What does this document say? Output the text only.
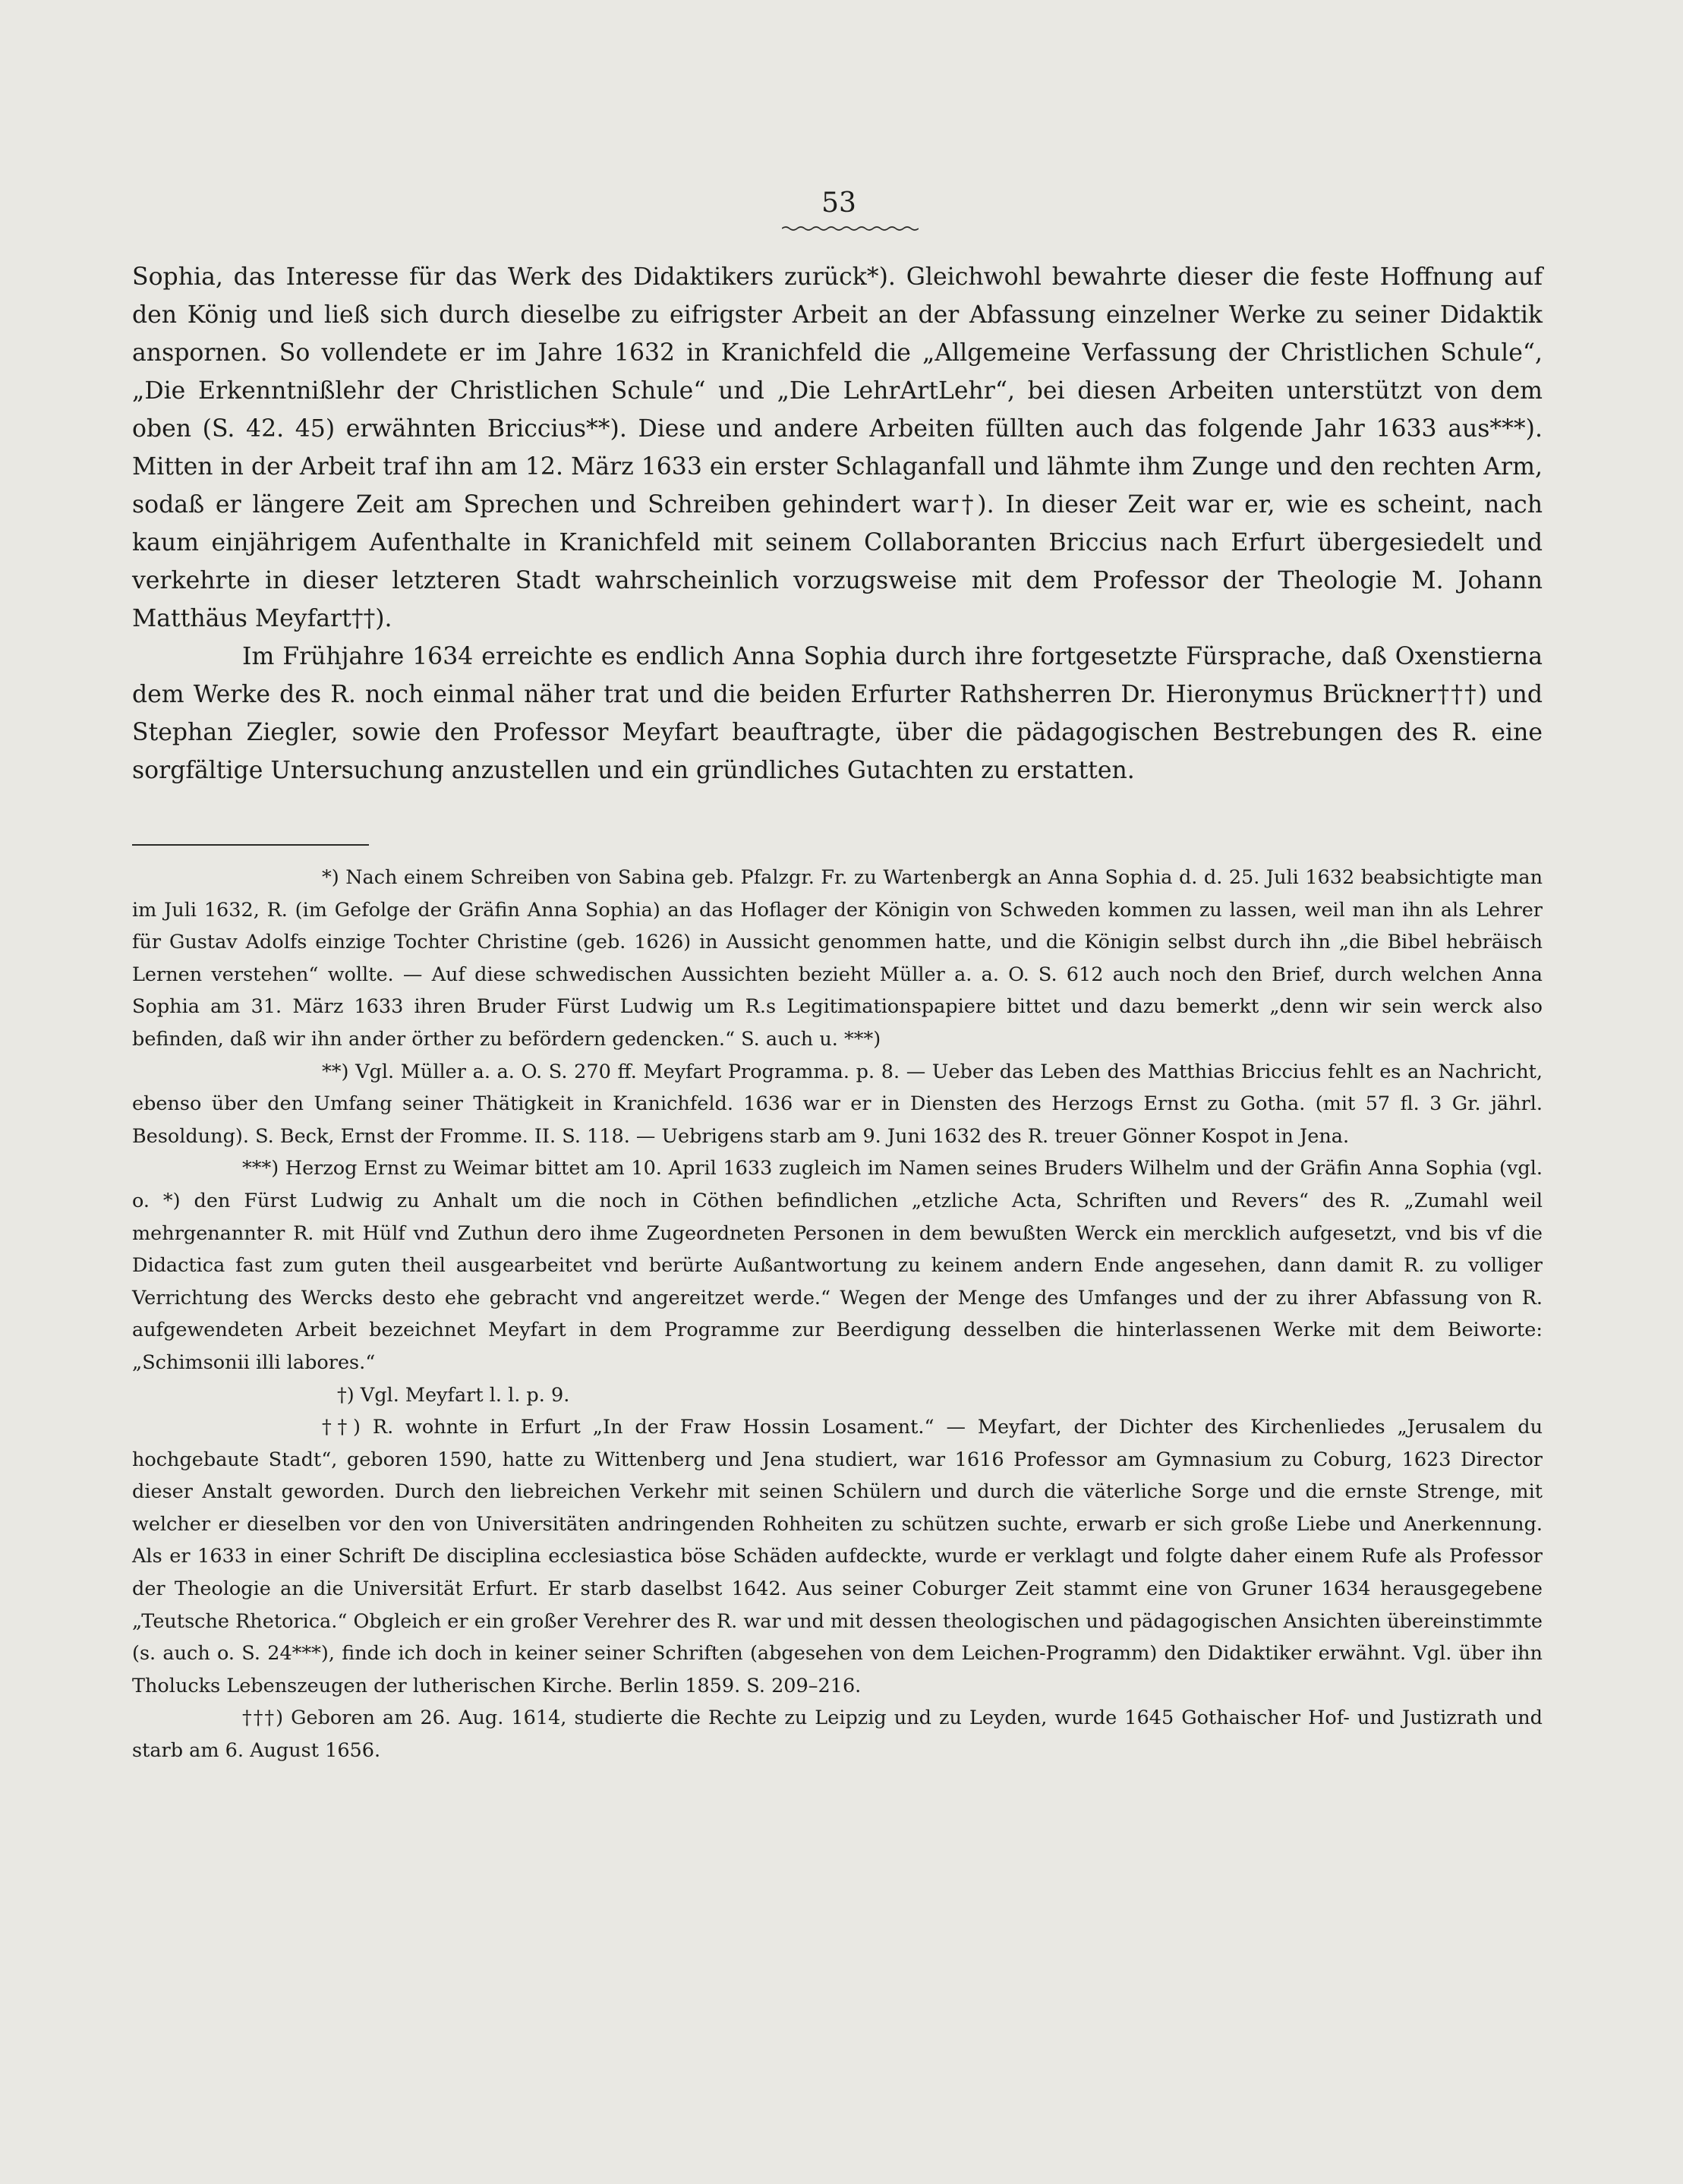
53

Sophia, das Interesse für das Werk des Didaktikers zurück*). Gleichwohl bewahrte dieser die feste Hoffnung auf den König und ließ sich durch dieselbe zu eifrigster Arbeit an der Abfassung einzelner Werke zu seiner Didaktik anspornen. So vollendete er im Jahre 1632 in Kranichfeld die „Allgemeine Verfassung der Christlichen Schule“, „Die Erkenntnißlehr der Christlichen Schule“ und „Die LehrArtLehr“, bei diesen Arbeiten unterstützt von dem oben (S. 42. 45) erwähnten Briccius**). Diese und andere Arbeiten füllten auch das folgende Jahr 1633 aus***). Mitten in der Arbeit traf ihn am 12. März 1633 ein erster Schlaganfall und lähmte ihm Zunge und den rechten Arm, sodaß er längere Zeit am Sprechen und Schreiben gehindert war†). In dieser Zeit war er, wie es scheint, nach kaum einjährigem Aufenthalte in Kranichfeld mit seinem Collaboranten Briccius nach Erfurt übergesiedelt und verkehrte in dieser letzteren Stadt wahrscheinlich vorzugsweise mit dem Professor der Theologie M. Johann Matthäus Meyfart††).

Im Frühjahre 1634 erreichte es endlich Anna Sophia durch ihre fortgesetzte Fürsprache, daß Oxenstierna dem Werke des R. noch einmal näher trat und die beiden Erfurter Rathsherren Dr. Hieronymus Brückner†††) und Stephan Ziegler, sowie den Professor Meyfart beauftragte, über die pädagogischen Bestrebungen des R. eine sorgfältige Untersuchung anzustellen und ein gründliches Gutachten zu erstatten.

*) Nach einem Schreiben von Sabina geb. Pfalzgr. Fr. zu Wartenbergk an Anna Sophia d. d. 25. Juli 1632 beabsichtigte man im Juli 1632, R. (im Gefolge der Gräfin Anna Sophia) an das Hoflager der Königin von Schweden kommen zu lassen, weil man ihn als Lehrer für Gustav Adolfs einzige Tochter Christine (geb. 1626) in Aussicht genommen hatte, und die Königin selbst durch ihn „die Bibel hebräisch Lernen verstehen“ wollte. — Auf diese schwedischen Aussichten bezieht Müller a. a. O. S. 612 auch noch den Brief, durch welchen Anna Sophia am 31. März 1633 ihren Bruder Fürst Ludwig um R.s Legitimationspapiere bittet und dazu bemerkt „denn wir sein werck also befinden, daß wir ihn ander örther zu befördern gedencken.“ S. auch u. ***)

**) Vgl. Müller a. a. O. S. 270 ff. Meyfart Programma. p. 8. — Ueber das Leben des Matthias Briccius fehlt es an Nachricht, ebenso über den Umfang seiner Thätigkeit in Kranichfeld. 1636 war er in Diensten des Herzogs Ernst zu Gotha. (mit 57 fl. 3 Gr. jährl. Besoldung). S. Beck, Ernst der Fromme. II. S. 118. — Uebrigens starb am 9. Juni 1632 des R. treuer Gönner Kospot in Jena.

***) Herzog Ernst zu Weimar bittet am 10. April 1633 zugleich im Namen seines Bruders Wilhelm und der Gräfin Anna Sophia (vgl. o. *) den Fürst Ludwig zu Anhalt um die noch in Cöthen befindlichen „etzliche Acta, Schriften und Revers“ des R. „Zumahl weil mehrgenannter R. mit Hülf vnd Zuthun dero ihme Zugeordneten Personen in dem bewußten Werck ein mercklich aufgesetzt, vnd bis vf die Didactica fast zum guten theil ausgearbeitet vnd berürte Außantwortung zu keinem andern Ende angesehen, dann damit R. zu volliger Verrichtung des Wercks desto ehe gebracht vnd angereitzet werde.“ Wegen der Menge des Umfanges und der zu ihrer Abfassung von R. aufgewendeten Arbeit bezeichnet Meyfart in dem Programme zur Beerdigung desselben die hinterlassenen Werke mit dem Beiworte: „Schimsonii illi labores.“

†) Vgl. Meyfart l. l. p. 9.

††) R. wohnte in Erfurt „In der Fraw Hossin Losament.“ — Meyfart, der Dichter des Kirchenliedes „Jerusalem du hochgebaute Stadt“, geboren 1590, hatte zu Wittenberg und Jena studiert, war 1616 Professor am Gymnasium zu Coburg, 1623 Director dieser Anstalt geworden. Durch den liebreichen Verkehr mit seinen Schülern und durch die väterliche Sorge und die ernste Strenge, mit welcher er dieselben vor den von Universitäten andringenden Rohheiten zu schützen suchte, erwarb er sich große Liebe und Anerkennung. Als er 1633 in einer Schrift De disciplina ecclesiastica böse Schäden aufdeckte, wurde er verklagt und folgte daher einem Rufe als Professor der Theologie an die Universität Erfurt. Er starb daselbst 1642. Aus seiner Coburger Zeit stammt eine von Gruner 1634 herausgegebene „Teutsche Rhetorica.“ Obgleich er ein großer Verehrer des R. war und mit dessen theologischen und pädagogischen Ansichten übereinstimmte (s. auch o. S. 24***), finde ich doch in keiner seiner Schriften (abgesehen von dem Leichen-Programm) den Didaktiker erwähnt. Vgl. über ihn Tholucks Lebenszeugen der lutherischen Kirche. Berlin 1859. S. 209–216.

†††) Geboren am 26. Aug. 1614, studierte die Rechte zu Leipzig und zu Leyden, wurde 1645 Gothaischer Hof- und Justizrath und starb am 6. August 1656.
